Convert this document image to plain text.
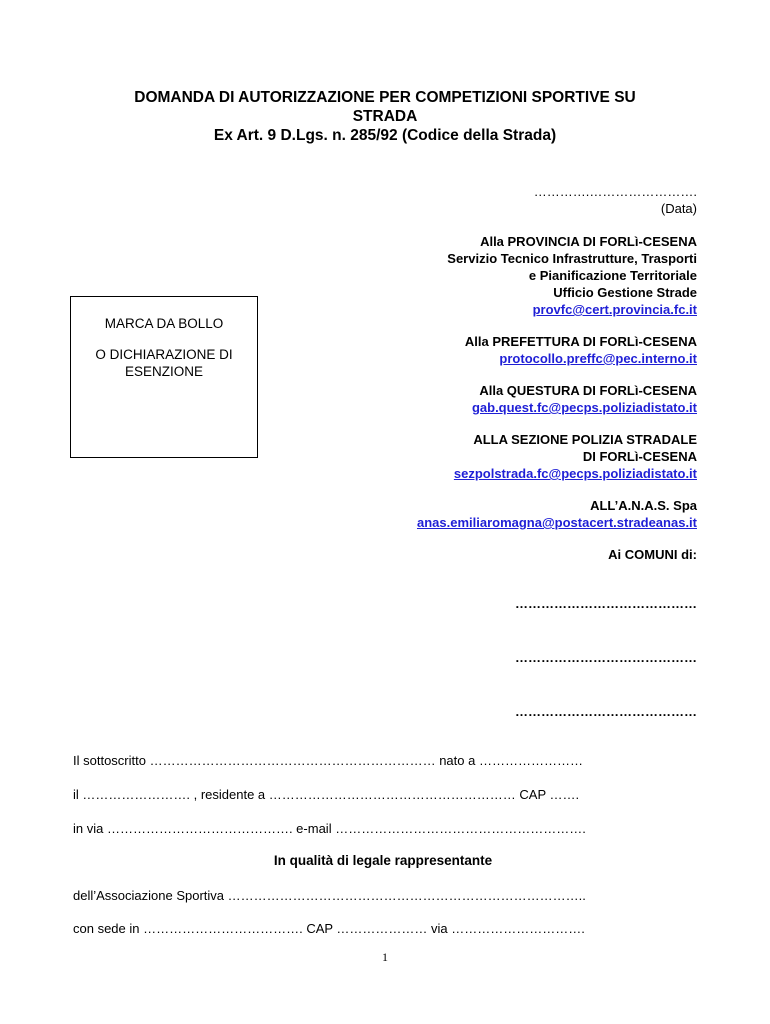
DOMANDA DI AUTORIZZAZIONE PER COMPETIZIONI SPORTIVE SU
STRADA
Ex Art. 9 D.Lgs. n. 285/92 (Codice della Strada)
………….…………………….
(Data)
MARCA DA BOLLO
O DICHIARAZIONE DI
ESENZIONE
Alla PROVINCIA DI FORLì-CESENA
Servizio Tecnico Infrastrutture, Trasporti
e Pianificazione Territoriale
Ufficio Gestione Strade
provfc@cert.provincia.fc.it
Alla PREFETTURA DI FORLì-CESENA
protocollo.preffc@pec.interno.it
Alla QUESTURA DI FORLì-CESENA
gab.quest.fc@pecps.poliziadistato.it
ALLA SEZIONE POLIZIA STRADALE
DI FORLì-CESENA
sezpolstrada.fc@pecps.poliziadistato.it
ALL’A.N.A.S. Spa
anas.emiliaromagna@postacert.stradeanas.it
Ai COMUNI di:
……………………………………
……………………………………
……………………………………
Il sottoscritto ………………………………………………………… nato a ……………………
il ……………………. , residente a ………………………………………………… CAP …….
in via ……………………………………. e-mail ………………………………………………….
dell’Associazione Sportiva ………………………………………………………………………..
con sede in ………………………………. CAP ………………… via ………………………….
In qualità di legale rappresentante
1
